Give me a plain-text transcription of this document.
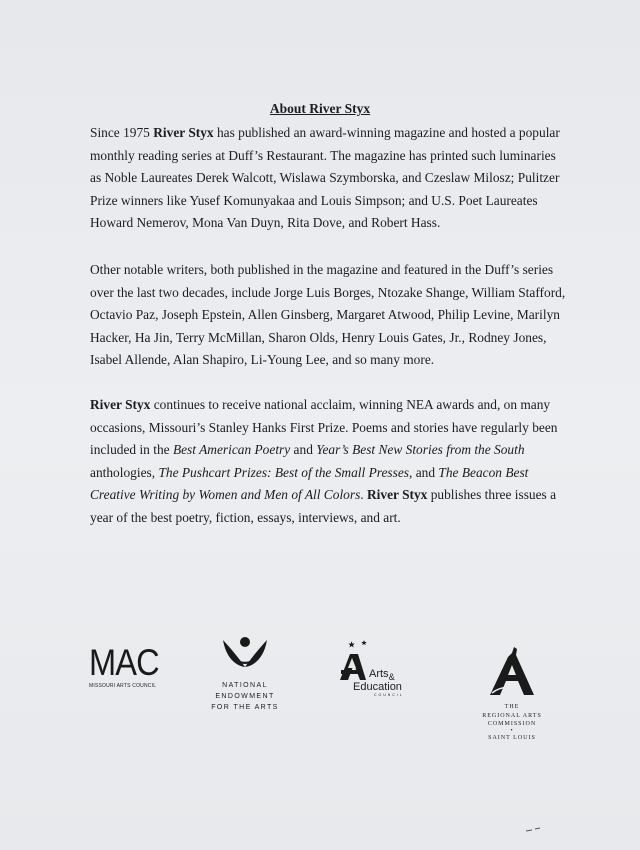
About River Styx

Since 1975 River Styx has published an award-winning magazine and hosted a popular
monthly reading series at Duff’s Restaurant. The magazine has printed such luminaries
as Noble Laureates Derek Walcott, Wislawa Szymborska, and Czeslaw Milosz; Pulitzer
Prize winners like Yusef Komunyakaa and Louis Simpson; and U.S. Poet Laureates
Howard Nemerov, Mona Van Duyn, Rita Dove, and Robert Hass.

Other notable writers, both published in the magazine and featured in the Duff’s series
over the last two decades, include Jorge Luis Borges, Ntozake Shange, William Stafford,
Octavio Paz, Joseph Epstein, Allen Ginsberg, Margaret Atwood, Philip Levine, Marilyn
Hacker, Ha Jin, Terry McMillan, Sharon Olds, Henry Louis Gates, Jr., Rodney Jones,
Isabel Allende, Alan Shapiro, Li-Young Lee, and so many more.

River Styx continues to receive national acclaim, winning NEA awards and, on many
occasions, Missouri’s Stanley Hanks First Prize. Poems and stories have regularly been
included in the Best American Poetry and Year’s Best New Stories from the South
anthologies, The Pushcart Prizes: Best of the Small Presses, and The Beacon Best
Creative Writing by Women and Men of All Colors. River Styx publishes three issues a
year of the best poetry, fiction, essays, interviews, and art.

MAC
MISSOURI ARTS COUNCIL	NATIONAL
ENDOWMENT
FOR THE ARTS
Arts$_{\&}$
Education
COUNCIL
THE
REGIONAL ARTS
COMMISSION
•
SAINT LOUIS
